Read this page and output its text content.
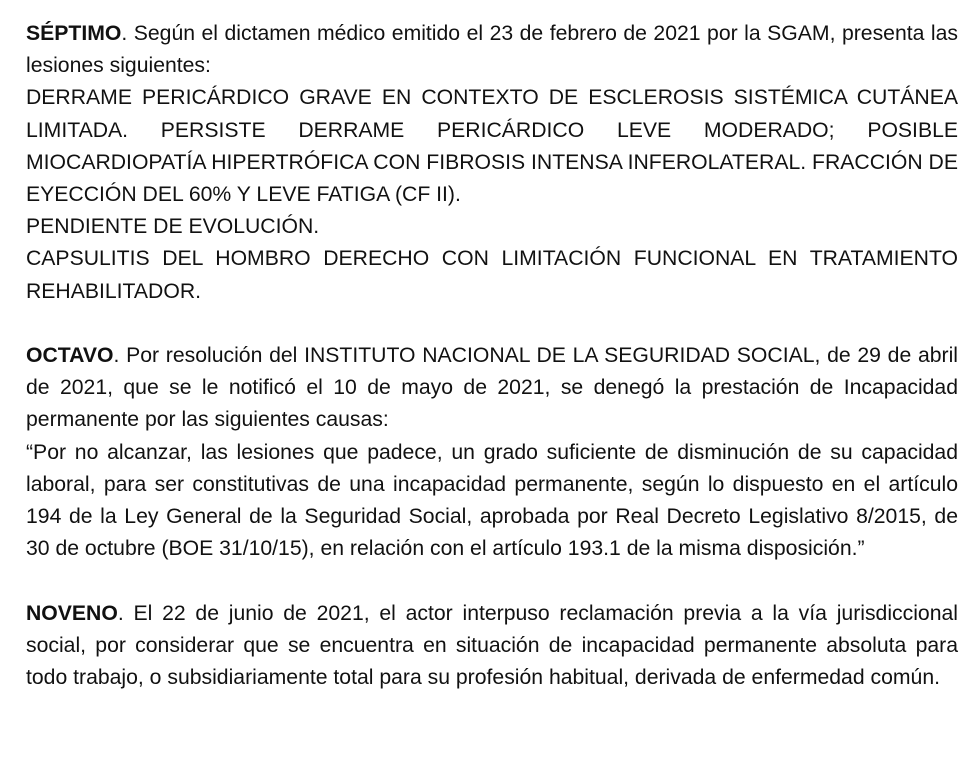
SÉPTIMO. Según el dictamen médico emitido el 23 de febrero de 2021 por la SGAM, presenta las lesiones siguientes:
DERRAME PERICÁRDICO GRAVE EN CONTEXTO DE ESCLEROSIS SISTÉMICA CUTÁNEA LIMITADA. PERSISTE DERRAME PERICÁRDICO LEVE MODERADO; POSIBLE MIOCARDIOPATÍA HIPERTRÓFICA CON FIBROSIS INTENSA INFEROLATERAL. FRACCIÓN DE EYECCIÓN DEL 60% Y LEVE FATIGA (CF II).
PENDIENTE DE EVOLUCIÓN.
CAPSULITIS DEL HOMBRO DERECHO CON LIMITACIÓN FUNCIONAL EN TRATAMIENTO REHABILITADOR.
OCTAVO. Por resolución del INSTITUTO NACIONAL DE LA SEGURIDAD SOCIAL, de 29 de abril de 2021, que se le notificó el 10 de mayo de 2021, se denegó la prestación de Incapacidad permanente por las siguientes causas:
“Por no alcanzar, las lesiones que padece, un grado suficiente de disminución de su capacidad laboral, para ser constitutivas de una incapacidad permanente, según lo dispuesto en el artículo 194 de la Ley General de la Seguridad Social, aprobada por Real Decreto Legislativo 8/2015, de 30 de octubre (BOE 31/10/15), en relación con el artículo 193.1 de la misma disposición.”
NOVENO. El 22 de junio de 2021, el actor interpuso reclamación previa a la vía jurisdiccional social, por considerar que se encuentra en situación de incapacidad permanente absoluta para todo trabajo, o subsidiariamente total para su profesión habitual, derivada de enfermedad común.
